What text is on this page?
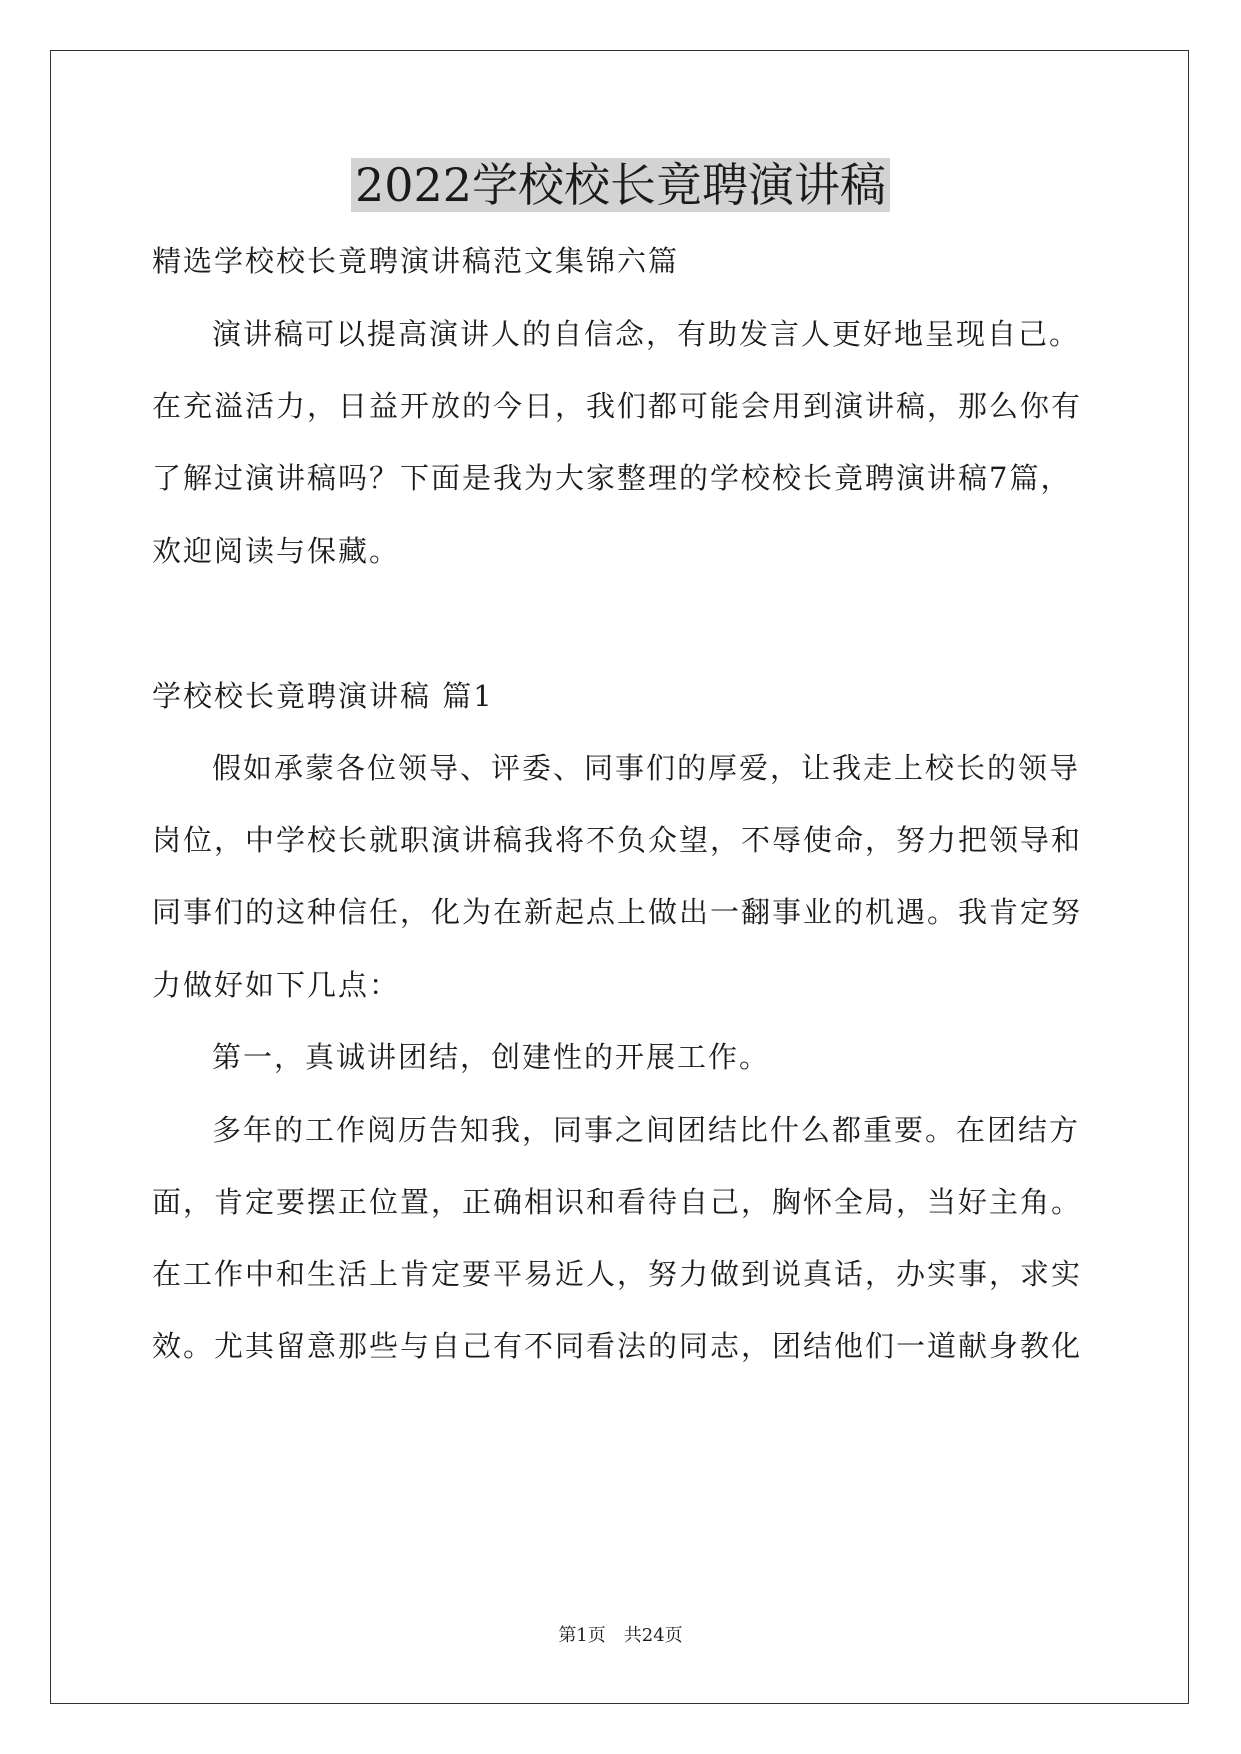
2022学校校长竟聘演讲稿
精选学校校长竟聘演讲稿范文集锦六篇
演讲稿可以提高演讲人的自信念，有助发言人更好地呈现自己。
在充溢活力，日益开放的今日，我们都可能会用到演讲稿，那么你有
了解过演讲稿吗？下面是我为大家整理的学校校长竟聘演讲稿7篇，
欢迎阅读与保藏。
学校校长竟聘演讲稿 篇1
假如承蒙各位领导、评委、同事们的厚爱，让我走上校长的领导
岗位，中学校长就职演讲稿我将不负众望，不辱使命，努力把领导和
同事们的这种信任，化为在新起点上做出一翻事业的机遇。我肯定努
力做好如下几点：
第一，真诚讲团结，创建性的开展工作。
多年的工作阅历告知我，同事之间团结比什么都重要。在团结方
面，肯定要摆正位置，正确相识和看待自己，胸怀全局，当好主角。
在工作中和生活上肯定要平易近人，努力做到说真话，办实事，求实
效。尤其留意那些与自己有不同看法的同志，团结他们一道献身教化
第1页　共24页
